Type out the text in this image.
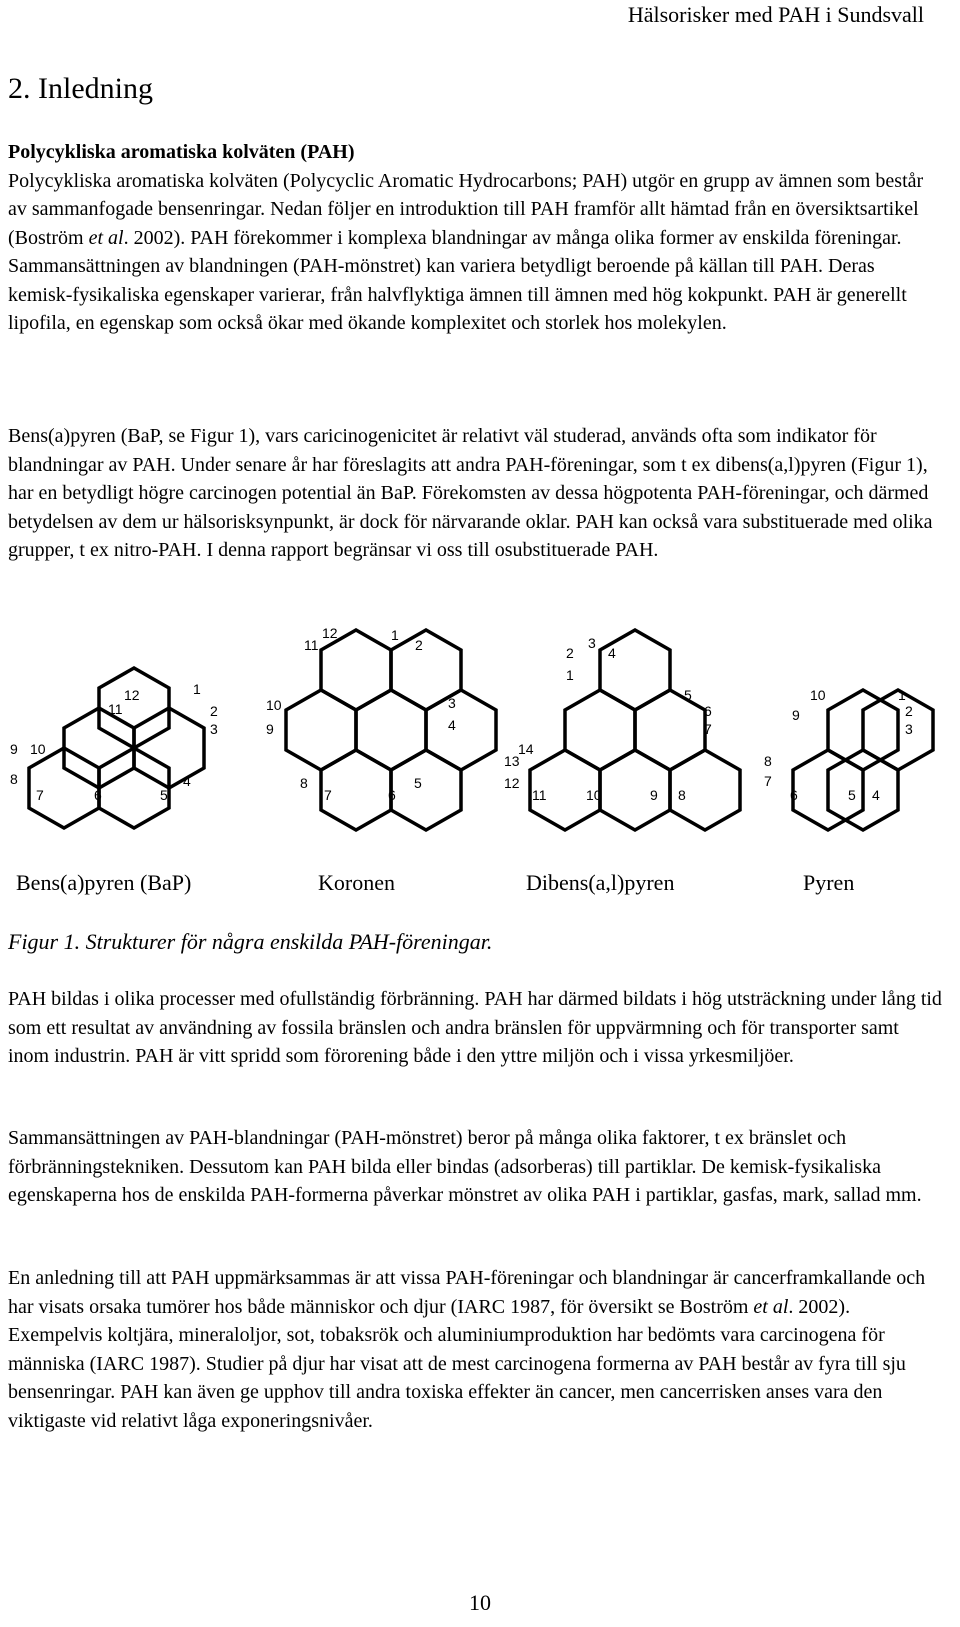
Hälsorisker med PAH i Sundsvall
2. Inledning

Polycykliska aromatiska kolväten (PAH)

Polycykliska aromatiska kolväten (Polycyclic Aromatic Hydrocarbons; PAH) utgör en grupp av ämnen som består av sammanfogade bensenringar. Nedan följer en introduktion till PAH framför allt hämtad från en översiktsartikel (Boström et al. 2002). PAH förekommer i komplexa blandningar av många olika former av enskilda föreningar. Sammansättningen av blandningen (PAH-mönstret) kan variera betydligt beroende på källan till PAH. Deras kemisk-fysikaliska egenskaper varierar, från halvflyktiga ämnen till ämnen med hög kokpunkt. PAH är generellt lipofila, en egenskap som också ökar med ökande komplexitet och storlek hos molekylen.

Bens(a)pyren (BaP, se Figur 1), vars caricinogenicitet är relativt väl studerad, används ofta som indikator för blandningar av PAH. Under senare år har föreslagits att andra PAH-föreningar, som t ex dibens(a,l)pyren (Figur 1), har en betydligt högre carcinogen potential än BaP. Förekomsten av dessa högpotenta PAH-föreningar, och därmed betydelsen av dem ur hälsorisksynpunkt, är dock för närvarande oklar. PAH kan också vara substituerade med olika grupper, t ex nitro-PAH. I denna rapport begränsar vi oss till osubstituerade PAH.

1
2
3
4
5
6
7
8
9 10
11
12
1
2
3
4
5
6
7
8
9
10
11
12
1
2
3
4
5
6
7
8
9
10
11
12
13
14
1
2
3
4
5
6
7
8
9
10
Bens(a)pyren (BaP)	Koronen	Dibens(a,l)pyren	Pyren
Figur 1. Strukturer för några enskilda PAH-föreningar.

PAH bildas i olika processer med ofullständig förbränning. PAH har därmed bildats i hög utsträckning under lång tid som ett resultat av användning av fossila bränslen och andra bränslen för uppvärmning och för transporter samt inom industrin. PAH är vitt spridd som förorening både i den yttre miljön och i vissa yrkesmiljöer.

Sammansättningen av PAH-blandningar (PAH-mönstret) beror på många olika faktorer, t ex bränslet och förbränningstekniken. Dessutom kan PAH bilda eller bindas (adsorberas) till partiklar. De kemisk-fysikaliska egenskaperna hos de enskilda PAH-formerna påverkar mönstret av olika PAH i partiklar, gasfas, mark, sallad mm.

En anledning till att PAH uppmärksammas är att vissa PAH-föreningar och blandningar är cancerframkallande och har visats orsaka tumörer hos både människor och djur (IARC 1987, för översikt se Boström et al. 2002). Exempelvis koltjära, mineraloljor, sot, tobaksrök och aluminiumproduktion har bedömts vara carcinogena för människa (IARC 1987). Studier på djur har visat att de mest carcinogena formerna av PAH består av fyra till sju bensenringar. PAH kan även ge upphov till andra toxiska effekter än cancer, men cancerrisken anses vara den viktigaste vid relativt låga exponeringsnivåer.

10
